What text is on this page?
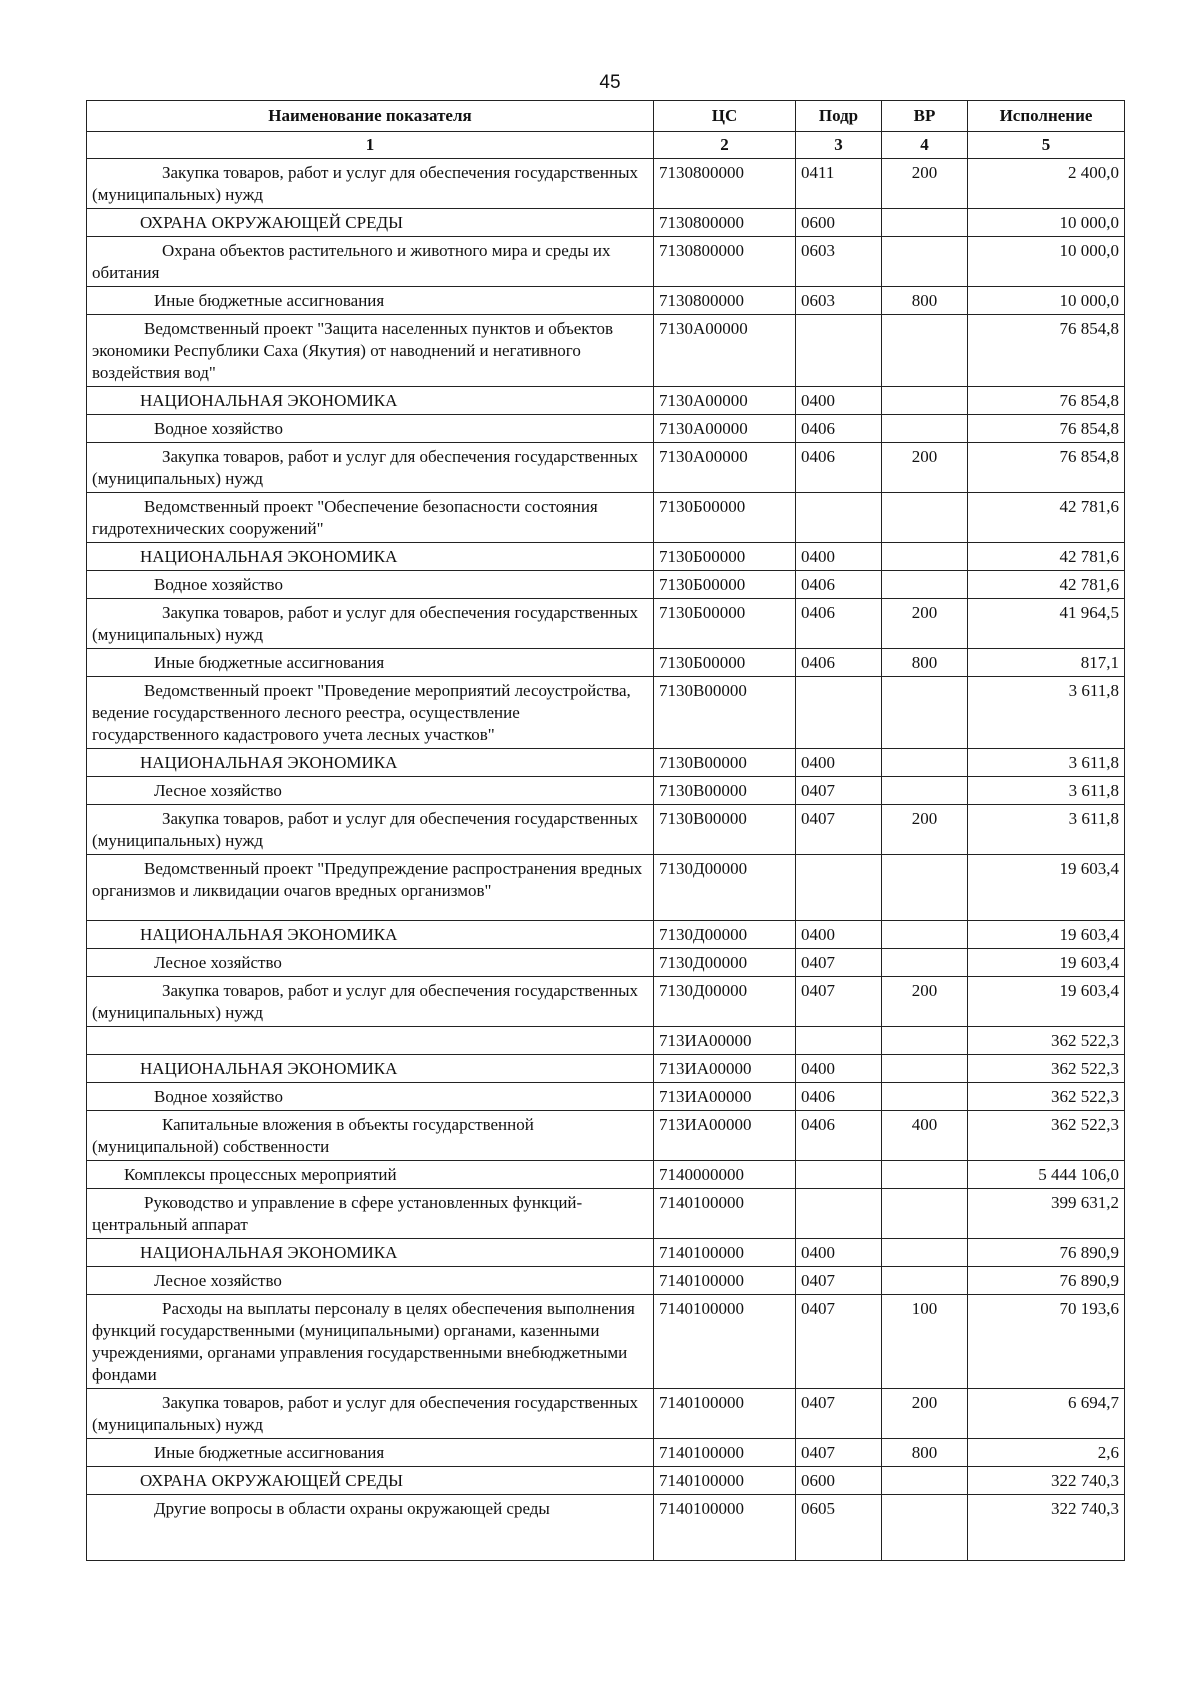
45
Наименование показателя	ЦС	Подр	ВР	Исполнение
1	2	3	4	5

Закупка товаров, работ и услуг для обеспечения государственных (муниципальных) нужд	7130800000	0411	200	2 400,0

ОХРАНА ОКРУЖАЮЩЕЙ СРЕДЫ	7130800000	0600		10 000,0

Охрана объектов растительного и животного мира и среды их обитания	7130800000	0603		10 000,0

Иные бюджетные ассигнования	7130800000	0603	800	10 000,0

Ведомственный проект "Защита населенных пунктов и объектов экономики Республики Саха (Якутия) от наводнений и негативного воздействия вод"	7130А00000			76 854,8

НАЦИОНАЛЬНАЯ ЭКОНОМИКА	7130А00000	0400		76 854,8

Водное хозяйство	7130А00000	0406		76 854,8

Закупка товаров, работ и услуг для обеспечения государственных (муниципальных) нужд	7130А00000	0406	200	76 854,8

Ведомственный проект "Обеспечение безопасности состояния гидротехнических сооружений"	7130Б00000			42 781,6

НАЦИОНАЛЬНАЯ ЭКОНОМИКА	7130Б00000	0400		42 781,6

Водное хозяйство	7130Б00000	0406		42 781,6

Закупка товаров, работ и услуг для обеспечения государственных (муниципальных) нужд	7130Б00000	0406	200	41 964,5

Иные бюджетные ассигнования	7130Б00000	0406	800	817,1

Ведомственный проект "Проведение мероприятий лесоустройства, ведение государственного лесного реестра, осуществление государственного кадастрового учета лесных участков"	7130В00000			3 611,8

НАЦИОНАЛЬНАЯ ЭКОНОМИКА	7130В00000	0400		3 611,8

Лесное хозяйство	7130В00000	0407		3 611,8

Закупка товаров, работ и услуг для обеспечения государственных (муниципальных) нужд	7130В00000	0407	200	3 611,8

Ведомственный проект "Предупреждение распространения вредных организмов и ликвидации очагов вредных организмов"	7130Д00000			19 603,4

НАЦИОНАЛЬНАЯ ЭКОНОМИКА	7130Д00000	0400		19 603,4

Лесное хозяйство	7130Д00000	0407		19 603,4

Закупка товаров, работ и услуг для обеспечения государственных (муниципальных) нужд	7130Д00000	0407	200	19 603,4

	713ИА00000			362 522,3

НАЦИОНАЛЬНАЯ ЭКОНОМИКА	713ИА00000	0400		362 522,3

Водное хозяйство	713ИА00000	0406		362 522,3

Капитальные вложения в объекты государственной (муниципальной) собственности	713ИА00000	0406	400	362 522,3

Комплексы процессных мероприятий	7140000000			5 444 106,0

Руководство и управление в сфере установленных функций-центральный аппарат	7140100000			399 631,2

НАЦИОНАЛЬНАЯ ЭКОНОМИКА	7140100000	0400		76 890,9

Лесное хозяйство	7140100000	0407		76 890,9

Расходы на выплаты персоналу в целях обеспечения выполнения функций государственными (муниципальными) органами, казенными учреждениями, органами управления государственными внебюджетными фондами	7140100000	0407	100	70 193,6

Закупка товаров, работ и услуг для обеспечения государственных (муниципальных) нужд	7140100000	0407	200	6 694,7

Иные бюджетные ассигнования	7140100000	0407	800	2,6

ОХРАНА ОКРУЖАЮЩЕЙ СРЕДЫ	7140100000	0600		322 740,3

Другие вопросы в области охраны окружающей среды	7140100000	0605		322 740,3
